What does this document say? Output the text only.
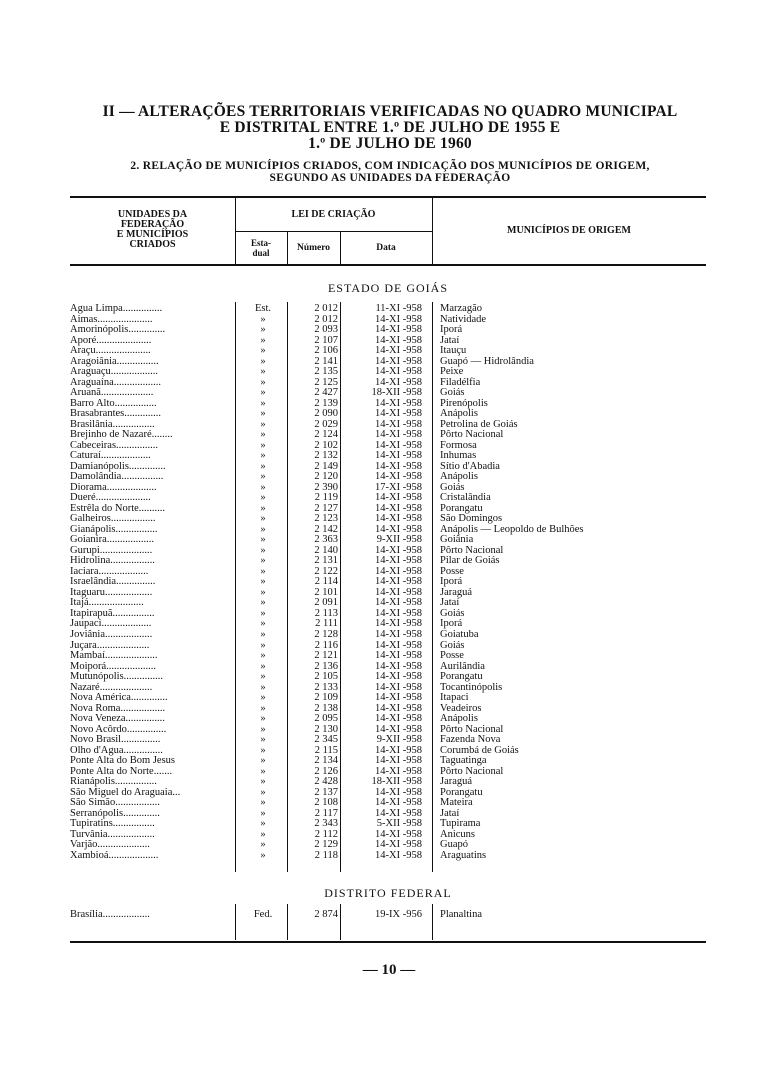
II — ALTERAÇÕES TERRITORIAIS VERIFICADAS NO QUADRO MUNICIPAL
E DISTRITAL ENTRE 1.º DE JULHO DE 1955 E
1.º DE JULHO DE 1960
2. RELAÇÃO DE MUNICÍPIOS CRIADOS, COM INDICAÇÃO DOS MUNICÍPIOS DE ORIGEM,
SEGUNDO AS UNIDADES DA FEDERAÇÃO
UNIDADES DA
FEDERAÇÃO
E MUNICÍPIOS
CRIADOS
LEI DE CRIAÇÃO
Esta-
dual	Número	Data
MUNICÍPIOS DE ORIGEM
ESTADO DE GOIÁS
Água Limpa...............	Est.	2 012	11-XI -958 Marzagão
Aimas.....................	»	2 012	14-XI -958 Natividade
Amorinópolis..............	»	2 093	14-XI -958 Iporá
Aporé.....................	»	2 107	14-XI -958 Jataí
Araçu.....................	»	2 106	14-XI -958 Itauçu
Aragoiânia................	»	2 141	14-XI -958 Guapó — Hidrolândia
Araguaçu..................	»	2 135	14-XI -958 Peixe
Araguaína..................	»	2 125	14-XI -958 Filadélfia
Aruanã....................	»	2 427	18-XII -958 Goiás
Barro Alto................	»	2 139	14-XI -958 Pirenópolis
Brasabrantes..............	»	2 090	14-XI -958 Anápolis
Brasilânia................	»	2 029	14-XI -958 Petrolina de Goiás
Brejinho de Nazaré........	»	2 124	14-XI -958 Pôrto Nacional
Cabeceiras................	»	2 102	14-XI -958 Formosa
Caturaí...................	»	2 132	14-XI -958 Inhumas
Damianópolis..............	»	2 149	14-XI -958 Sítio d'Abadia
Damolândia................	»	2 120	14-XI -958 Anápolis
Diorama...................	»	2 390	17-XI -958 Goiás
Dueré.....................	»	2 119	14-XI -958 Cristalândia
Estrêla do Norte..........	»	2 127	14-XI -958 Porangatu
Galheiros.................	»	2 123	14-XI -958 São Domingos
Gianápolis................	»	2 142	14-XI -958 Anápolis — Leopoldo de Bulhões
Goianira..................	»	2 363	9-XII -958 Goiânia
Gurupi....................	»	2 140	14-XI -958 Pôrto Nacional
Hidrolina.................	»	2 131	14-XI -958 Pilar de Goiás
Iaciara...................	»	2 122	14-XI -958 Posse
Israelândia...............	»	2 114	14-XI -958 Iporá
Itaguaru..................	»	2 101	14-XI -958 Jaraguá
Itajá.....................	»	2 091	14-XI -958 Jataí
Itapirapuã................	»	2 113	14-XI -958 Goiás
Jaupaci...................	»	2 111	14-XI -958 Iporá
Joviânia..................	»	2 128	14-XI -958 Goiatuba
Juçara....................	»	2 116	14-XI -958 Goiás
Mambaí....................	»	2 121	14-XI -958 Posse
Moiporá...................	»	2 136	14-XI -958 Aurilândia
Mutunópolis...............	»	2 105	14-XI -958 Porangatu
Nazaré....................	»	2 133	14-XI -958 Tocantinópolis
Nova América..............	»	2 109	14-XI -958 Itapaci
Nova Roma.................	»	2 138	14-XI -958 Veadeiros
Nova Veneza...............	»	2 095	14-XI -958 Anápolis
Novo Acôrdo...............	»	2 130	14-XI -958 Pôrto Nacional
Novo Brasil...............	»	2 345	9-XII -958 Fazenda Nova
Ôlho d'Água...............	»	2 115	14-XI -958 Corumbá de Goiás
Ponte Alta do Bom Jesus	»	2 134	14-XI -958 Taguatinga
Ponte Alta do Norte.......	»	2 126	14-XI -958 Pôrto Nacional
Rianápolis................	»	2 428	18-XII -958 Jaraguá
São Miguel do Araguaia...	»	2 137	14-XI -958 Porangatu
São Simão.................	»	2 108	14-XI -958 Mateira
Serranópolis..............	»	2 117	14-XI -958 Jataí
Tupiratins................	»	2 343	5-XII -958 Tupirama
Turvânia..................	»	2 112	14-XI -958 Anicuns
Varjão....................	»	2 129	14-XI -958 Guapó
Xambioá...................	»	2 118	14-XI -958 Araguatins
DISTRITO FEDERAL
Brasília..................	Fed.	2 874	19-IX -956 Planaltina
— 10 —
